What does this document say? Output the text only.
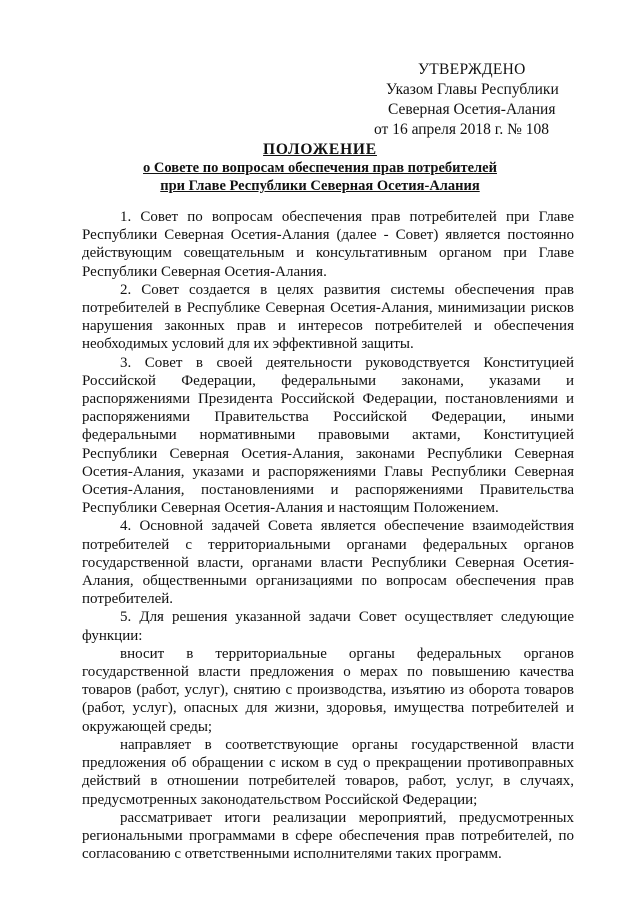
УТВЕРЖДЕНО
Указом Главы Республики
Северная Осетия-Алания
от 16 апреля 2018 г. № 108
ПОЛОЖЕНИЕ
о Совете по вопросам обеспечения прав потребителей
при Главе Республики Северная Осетия-Алания

1. Совет по вопросам обеспечения прав потребителей при Главе Республики Северная Осетия-Алания (далее - Совет) является постоянно действующим совещательным и консультативным органом при Главе Республики Северная Осетия-Алания.

2. Совет создается в целях развития системы обеспечения прав потребителей в Республике Северная Осетия-Алания, минимизации рисков нарушения законных прав и интересов потребителей и обеспечения необходимых условий для их эффективной защиты.

3. Совет в своей деятельности руководствуется Конституцией Российской Федерации, федеральными законами, указами и распоряжениями Президента Российской Федерации, постановлениями и распоряжениями Правительства Российской Федерации, иными федеральными нормативными правовыми актами, Конституцией Республики Северная Осетия-Алания, законами Республики Северная Осетия-Алания, указами и распоряжениями Главы Республики Северная Осетия-Алания, постановлениями и распоряжениями Правительства Республики Северная Осетия-Алания и настоящим Положением.

4. Основной задачей Совета является обеспечение взаимодействия потребителей с территориальными органами федеральных органов государственной власти, органами власти Республики Северная Осетия-Алания, общественными организациями по вопросам обеспечения прав потребителей.

5. Для решения указанной задачи Совет осуществляет следующие функции:

вносит в территориальные органы федеральных органов государственной власти предложения о мерах по повышению качества товаров (работ, услуг), снятию с производства, изъятию из оборота товаров (работ, услуг), опасных для жизни, здоровья, имущества потребителей и окружающей среды;

направляет в соответствующие органы государственной власти предложения об обращении с иском в суд о прекращении противоправных действий в отношении потребителей товаров, работ, услуг, в случаях, предусмотренных законодательством Российской Федерации;

рассматривает итоги реализации мероприятий, предусмотренных региональными программами в сфере обеспечения прав потребителей, по согласованию с ответственными исполнителями таких программ.
